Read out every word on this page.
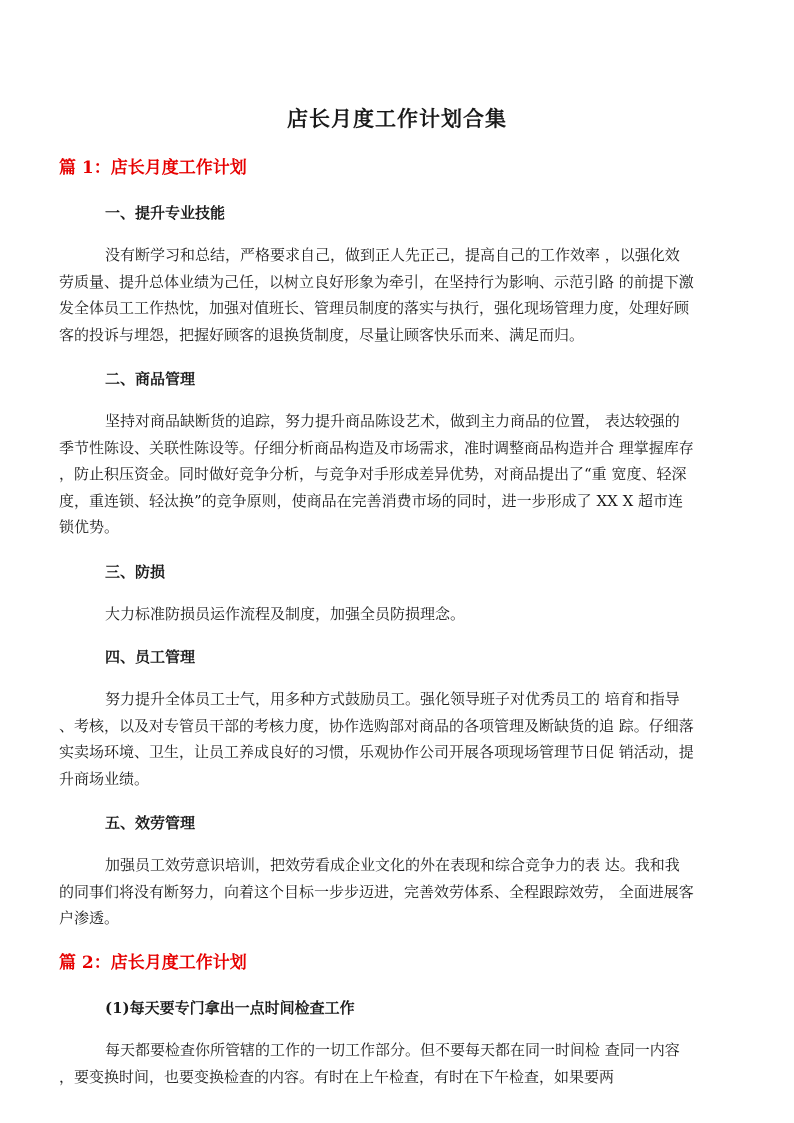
店长月度工作计划合集
篇 1：店长月度工作计划
一、提升专业技能
没有断学习和总结，严格要求自己，做到正人先正己，提高自己的工作效率 ，以强化效
劳质量、提升总体业绩为己任，以树立良好形象为牵引，在坚持行为影响、示范引路 的前提下激
发全体员工工作热忱，加强对值班长、管理员制度的落实与执行，强化现场管理力度，处理好顾
客的投诉与埋怨，把握好顾客的退换货制度，尽量让顾客快乐而来、满足而归。
二、商品管理
坚持对商品缺断货的追踪，努力提升商品陈设艺术，做到主力商品的位置， 表达较强的
季节性陈设、关联性陈设等。仔细分析商品构造及市场需求，准时调整商品构造并合 理掌握库存
，防止积压资金。同时做好竞争分析，与竞争对手形成差异优势，对商品提出了“重 宽度、轻深
度，重连锁、轻汰换”的竞争原则，使商品在完善消费市场的同时，进一步形成了 XX X 超市连
锁优势。
三、防损
大力标准防损员运作流程及制度，加强全员防损理念。
四、员工管理
努力提升全体员工士气，用多种方式鼓励员工。强化领导班子对优秀员工的 培育和指导
、考核，以及对专管员干部的考核力度，协作选购部对商品的各项管理及断缺货的追 踪。仔细落
实卖场环境、卫生，让员工养成良好的习惯，乐观协作公司开展各项现场管理节日促 销活动，提
升商场业绩。
五、效劳管理
加强员工效劳意识培训，把效劳看成企业文化的外在表现和综合竞争力的表 达。我和我
的同事们将没有断努力，向着这个目标一步步迈进，完善效劳体系、全程跟踪效劳， 全面进展客
户渗透。
篇 2：店长月度工作计划
(1)每天要专门拿出一点时间检查工作
每天都要检查你所管辖的工作的一切工作部分。但不要每天都在同一时间检 查同一内容
，要变换时间，也要变换检查的内容。有时在上午检查，有时在下午检查，如果要两
